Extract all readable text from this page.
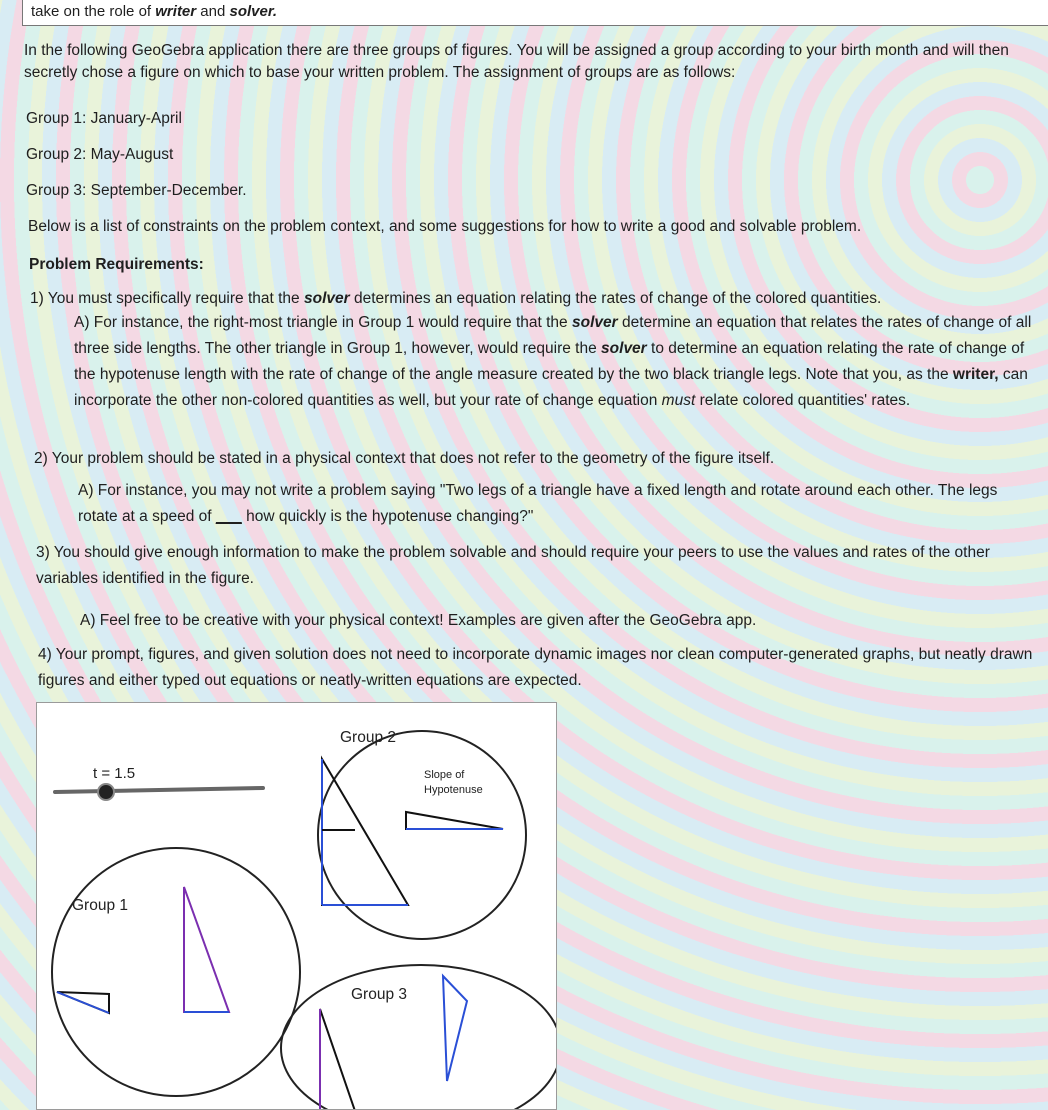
take on the role of writer and solver.

In the following GeoGebra application there are three groups of figures. You will be assigned a group according to your birth month and will then secretly chose a figure on which to base your written problem. The assignment of groups are as follows:

Group 1: January-April

Group 2: May-August

Group 3: September-December.

Below is a list of constraints on the problem context, and some suggestions for how to write a good and solvable problem.

Problem Requirements:

1) You must specifically require that the solver determines an equation relating the rates of change of the colored quantities.

A) For instance, the right-most triangle in Group 1 would require that the solver determine an equation that relates the rates of change of all three side lengths. The other triangle in Group 1, however, would require the solver to determine an equation relating the rate of change of the hypotenuse length with the rate of change of the angle measure created by the two black triangle legs. Note that you, as the writer, can incorporate the other non-colored quantities as well, but your rate of change equation must relate colored quantities' rates.

2) Your problem should be stated in a physical context that does not refer to the geometry of the figure itself.

A) For instance, you may not write a problem saying "Two legs of a triangle have a fixed length and rotate around each other. The legs rotate at a speed of ___ how quickly is the hypotenuse changing?"

3) You should give enough information to make the problem solvable and should require your peers to use the values and rates of the other variables identified in the figure.

A) Feel free to be creative with your physical context! Examples are given after the GeoGebra app.

4) Your prompt, figures, and given solution does not need to incorporate dynamic images nor clean computer-generated graphs, but neatly drawn figures and either typed out equations or neatly-written equations are expected.

t = 1.5
Group 2
Slope of
Hypotenuse
Group 1
Group 3
